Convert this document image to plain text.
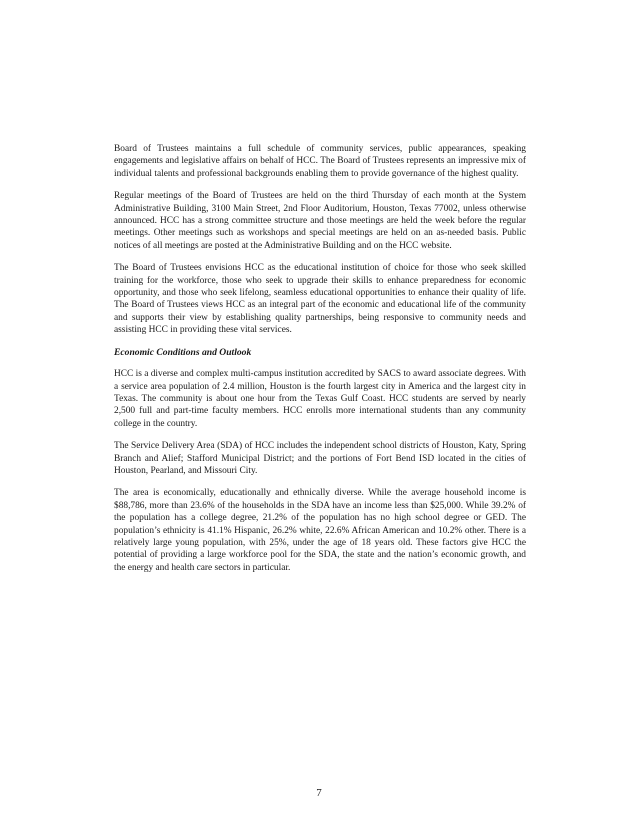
Board of Trustees maintains a full schedule of community services, public appearances, speaking engagements and legislative affairs on behalf of HCC. The Board of Trustees represents an impressive mix of individual talents and professional backgrounds enabling them to provide governance of the highest quality.

Regular meetings of the Board of Trustees are held on the third Thursday of each month at the System Administrative Building, 3100 Main Street, 2nd Floor Auditorium, Houston, Texas 77002, unless otherwise announced. HCC has a strong committee structure and those meetings are held the week before the regular meetings. Other meetings such as workshops and special meetings are held on an as-needed basis. Public notices of all meetings are posted at the Administrative Building and on the HCC website.

The Board of Trustees envisions HCC as the educational institution of choice for those who seek skilled training for the workforce, those who seek to upgrade their skills to enhance preparedness for economic opportunity, and those who seek lifelong, seamless educational opportunities to enhance their quality of life. The Board of Trustees views HCC as an integral part of the economic and educational life of the community and supports their view by establishing quality partnerships, being responsive to community needs and assisting HCC in providing these vital services.

Economic Conditions and Outlook

HCC is a diverse and complex multi-campus institution accredited by SACS to award associate degrees. With a service area population of 2.4 million, Houston is the fourth largest city in America and the largest city in Texas. The community is about one hour from the Texas Gulf Coast. HCC students are served by nearly 2,500 full and part-time faculty members. HCC enrolls more international students than any community college in the country.

The Service Delivery Area (SDA) of HCC includes the independent school districts of Houston, Katy, Spring Branch and Alief; Stafford Municipal District; and the portions of Fort Bend ISD located in the cities of Houston, Pearland, and Missouri City.

The area is economically, educationally and ethnically diverse. While the average household income is $88,786, more than 23.6% of the households in the SDA have an income less than $25,000. While 39.2% of the population has a college degree, 21.2% of the population has no high school degree or GED. The population’s ethnicity is 41.1% Hispanic, 26.2% white, 22.6% African American and 10.2% other. There is a relatively large young population, with 25%, under the age of 18 years old. These factors give HCC the potential of providing a large workforce pool for the SDA, the state and the nation’s economic growth, and the energy and health care sectors in particular.

7
